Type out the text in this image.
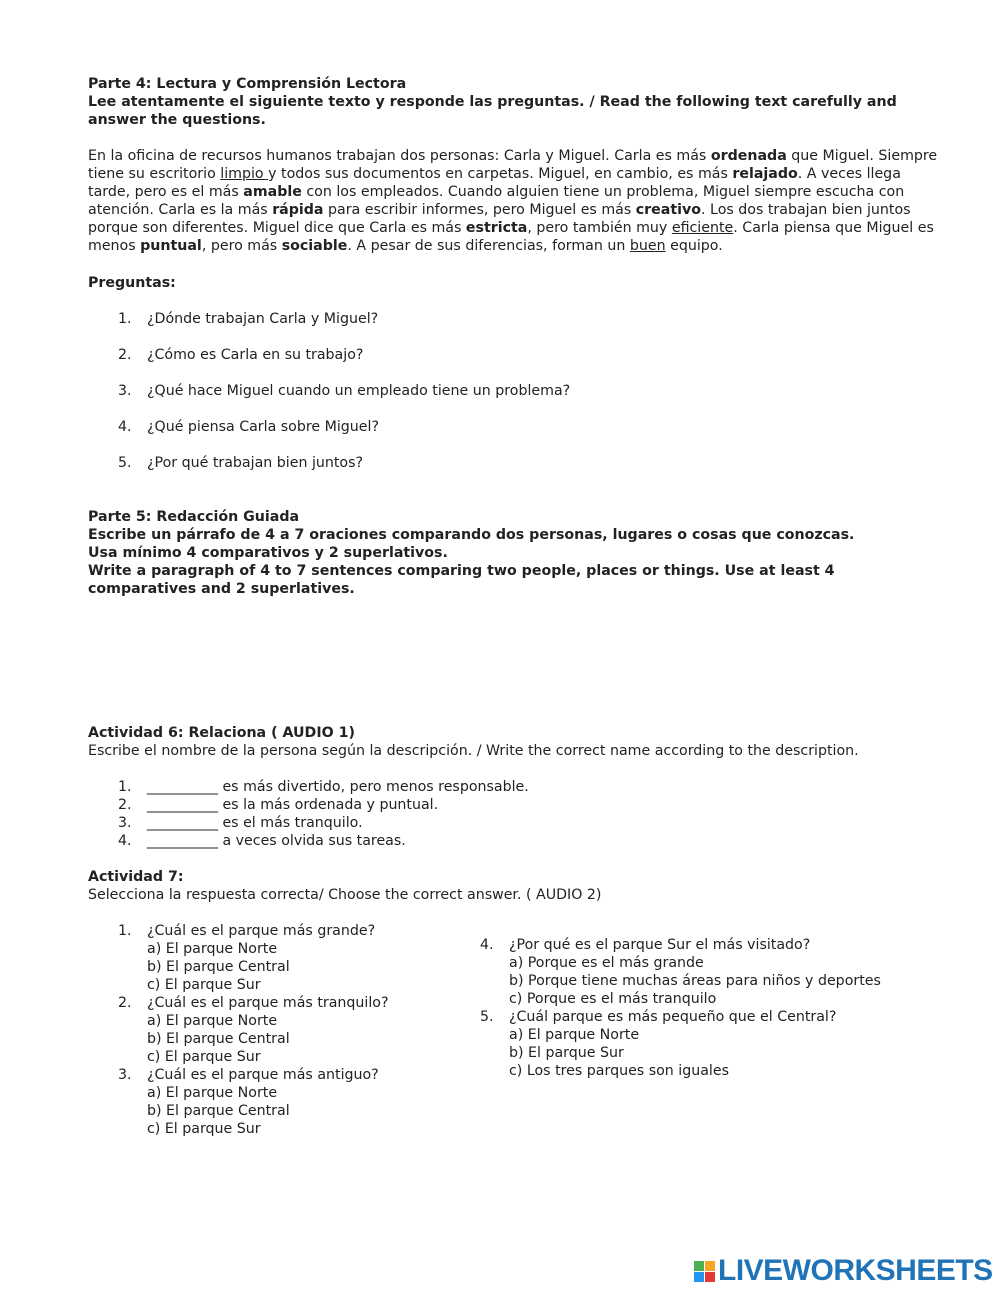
Parte 4: Lectura y Comprensión Lectora

Lee atentamente el siguiente texto y responde las preguntas. / Read the following text carefully and answer the questions.

En la oficina de recursos humanos trabajan dos personas: Carla y Miguel. Carla es más ordenada que Miguel. Siempre tiene su escritorio limpio y todos sus documentos en carpetas. Miguel, en cambio, es más relajado. A veces llega tarde, pero es el más amable con los empleados. Cuando alguien tiene un problema, Miguel siempre escucha con atención. Carla es la más rápida para escribir informes, pero Miguel es más creativo. Los dos trabajan bien juntos porque son diferentes. Miguel dice que Carla es más estricta, pero también muy eficiente. Carla piensa que Miguel es menos puntual, pero más sociable. A pesar de sus diferencias, forman un buen equipo.

Preguntas:

1. ¿Dónde trabajan Carla y Miguel?
2. ¿Cómo es Carla en su trabajo?
3. ¿Qué hace Miguel cuando un empleado tiene un problema?
4. ¿Qué piensa Carla sobre Miguel?
5. ¿Por qué trabajan bien juntos?

Parte 5: Redacción Guiada

Escribe un párrafo de 4 a 7 oraciones comparando dos personas, lugares o cosas que conozcas.

Usa mínimo 4 comparativos y 2 superlativos.

Write a paragraph of 4 to 7 sentences comparing two people, places or things. Use at least 4 comparatives and 2 superlatives.

Actividad 6: Relaciona ( AUDIO 1)

Escribe el nombre de la persona según la descripción. / Write the correct name according to the description.

1. __________ es más divertido, pero menos responsable.
2. __________ es la más ordenada y puntual.
3. __________ es el más tranquilo.
4. __________ a veces olvida sus tareas.

Actividad 7:

Selecciona la respuesta correcta/ Choose the correct answer. ( AUDIO 2)

1. ¿Cuál es el parque más grande?
a) El parque Norte
b) El parque Central
c) El parque Sur
2. ¿Cuál es el parque más tranquilo?
a) El parque Norte
b) El parque Central
c) El parque Sur
3. ¿Cuál es el parque más antiguo?
a) El parque Norte
b) El parque Central
c) El parque Sur
4. ¿Por qué es el parque Sur el más visitado?
a) Porque es el más grande
b) Porque tiene muchas áreas para niños y deportes
c) Porque es el más tranquilo
5. ¿Cuál parque es más pequeño que el Central?
a) El parque Norte
b) El parque Sur
c) Los tres parques son iguales
LIVEWORKSHEETS
